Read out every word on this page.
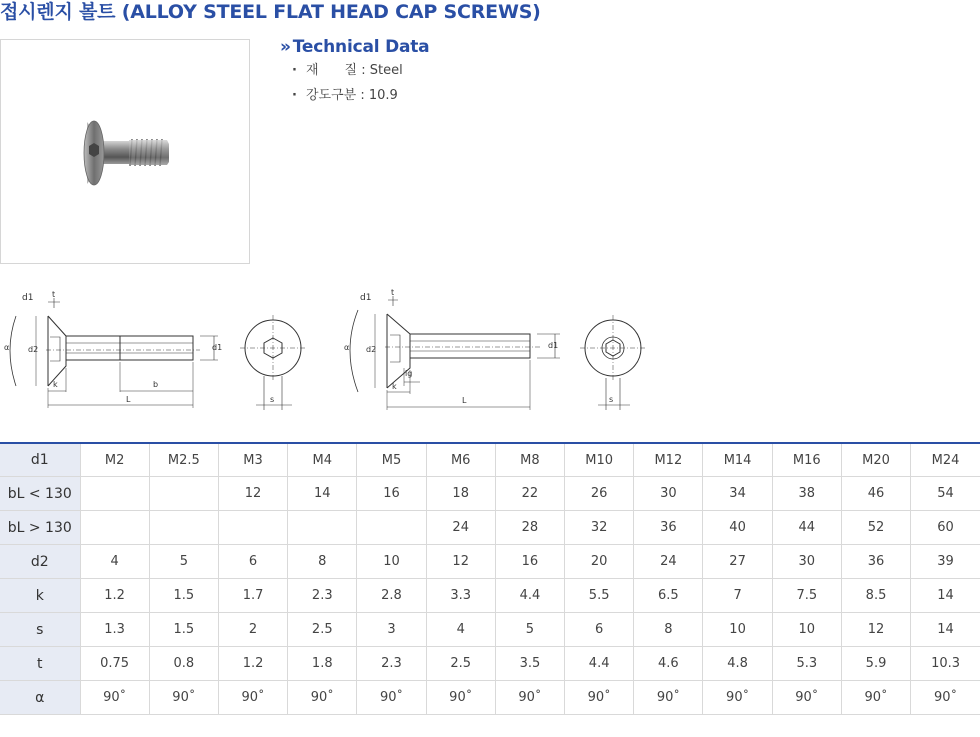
접시렌지 볼트 (ALLOY STEEL FLAT HEAD CAP SCREWS)
» Technical Data
· 재　　질 : Steel
· 강도구분 : 10.9
d1 t
k	b
L
d1
α d2
s
d1
t
k
lg
L
d1
α d2
s
d1	M2	M2.5	M3	M4	M5	M6	M8	M10	M12	M14	M16	M20	M24
bL < 130			12	14	16	18	22	26	30	34	38	46	54
bL > 130						24	28	32	36	40	44	52	60
d2	4	5	6	8	10	12	16	20	24	27	30	36	39
k	1.2	1.5	1.7	2.3	2.8	3.3	4.4	5.5	6.5	7	7.5	8.5	14
s	1.3	1.5	2	2.5	3	4	5	6	8	10	10	12	14
t	0.75	0.8	1.2	1.8	2.3	2.5	3.5	4.4	4.6	4.8	5.3	5.9	10.3
α	90˚	90˚	90˚	90˚	90˚	90˚	90˚	90˚	90˚	90˚	90˚	90˚	90˚
